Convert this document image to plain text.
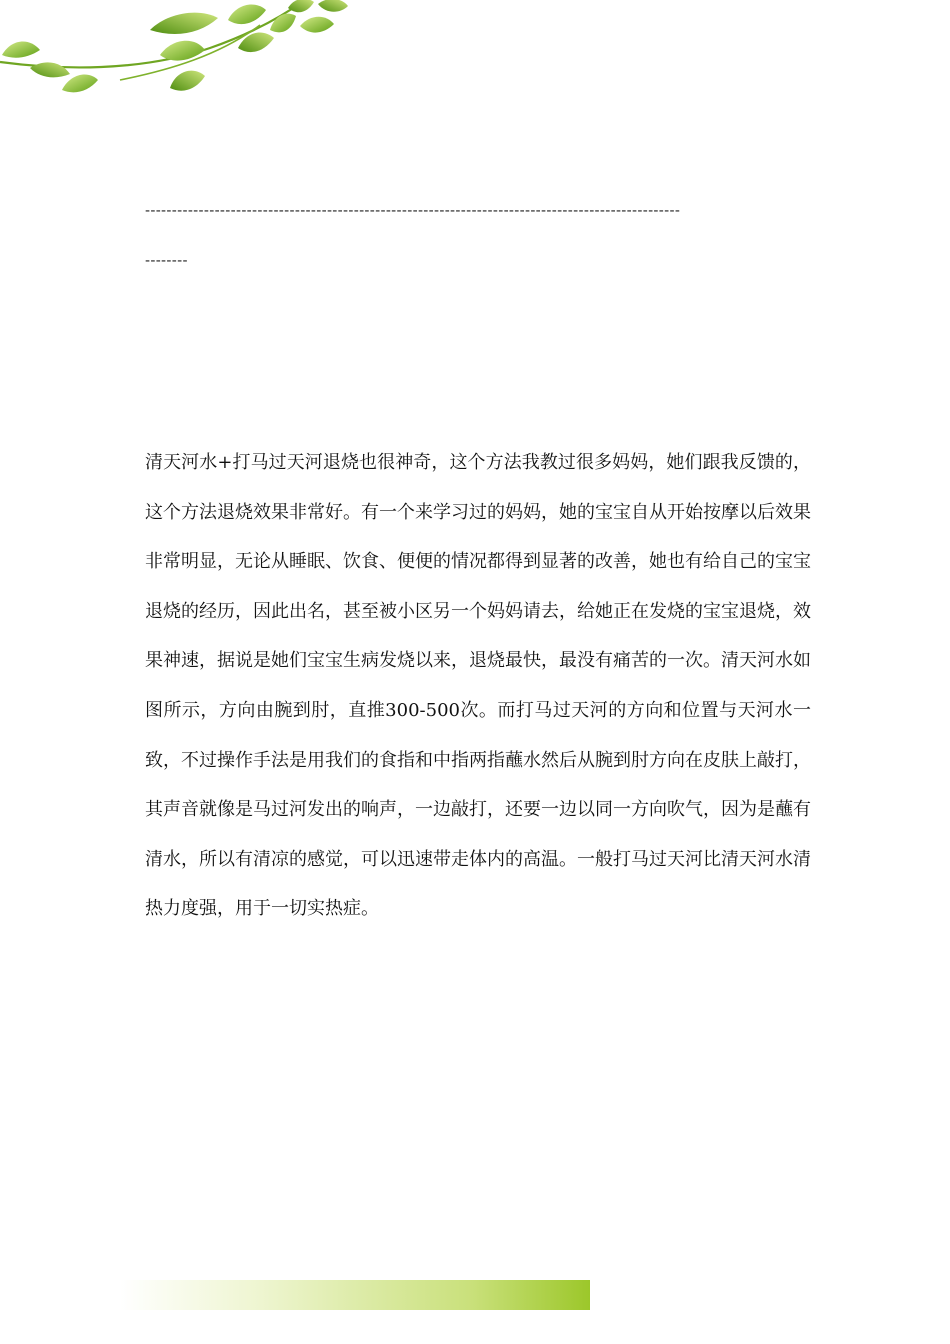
----------------------------------------------------------------------------------------------------
--------

清天河水+打马过天河退烧也很神奇，这个方法我教过很多妈妈，她们跟我反馈的，这个方法退烧效果非常好。有一个来学习过的妈妈，她的宝宝自从开始按摩以后效果非常明显，无论从睡眠、饮食、便便的情况都得到显著的改善，她也有给自己的宝宝退烧的经历，因此出名，甚至被小区另一个妈妈请去，给她正在发烧的宝宝退烧，效果神速，据说是她们宝宝生病发烧以来，退烧最快，最没有痛苦的一次。清天河水如图所示，方向由腕到肘，直推300-500次。而打马过天河的方向和位置与天河水一致，不过操作手法是用我们的食指和中指两指蘸水然后从腕到肘方向在皮肤上敲打，其声音就像是马过河发出的响声，一边敲打，还要一边以同一方向吹气，因为是蘸有清水，所以有清凉的感觉，可以迅速带走体内的高温。一般打马过天河比清天河水清热力度强，用于一切实热症。
